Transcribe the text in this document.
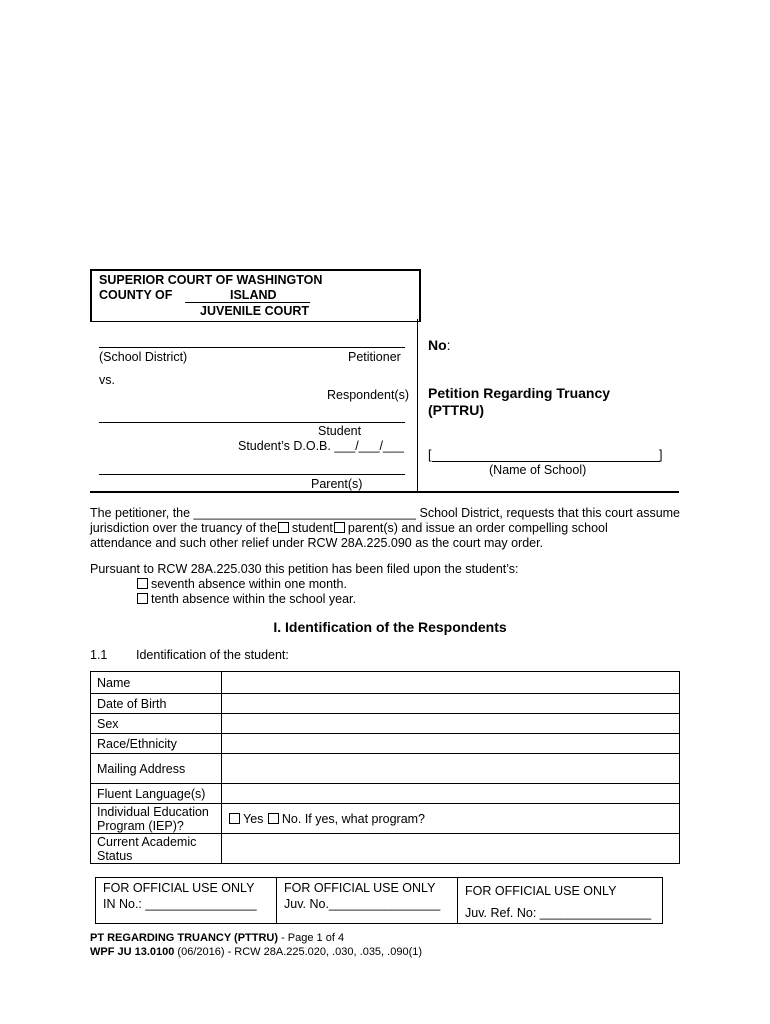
SUPERIOR COURT OF WASHINGTON
COUNTY OF	ISLAND
JUVENILE COURT
(School District)	Petitioner
vs.
Respondent(s)
Student
Student’s D.O.B. ___/___/___
Parent(s)
No:
Petition Regarding Truancy
(PTTRU)
[	]
(Name of School)
The petitioner, the ________________________________ School District, requests that this court assume
jurisdiction over the truancy of the student parent(s) and issue an order compelling school
attendance and such other relief under RCW 28A.225.090 as the court may order.
Pursuant to RCW 28A.225.030 this petition has been filed upon the student’s:
seventh absence within one month.
tenth absence within the school year.
I. Identification of the Respondents
1.1 Identification of the student:
Name	
Date of Birth	
Sex	
Race/Ethnicity	
Mailing Address	
Fluent Language(s)	
Individual Education Program (IEP)?	Yes No. If yes, what program?
Current Academic Status	
FOR OFFICIAL USE ONLY
IN No.: ________________

FOR OFFICIAL USE ONLY
Juv. No.________________

FOR OFFICIAL USE ONLY
Juv. Ref. No: ________________
PT REGARDING TRUANCY (PTTRU) - Page 1 of 4
WPF JU 13.0100 (06/2016) - RCW 28A.225.020, .030, .035, .090(1)
